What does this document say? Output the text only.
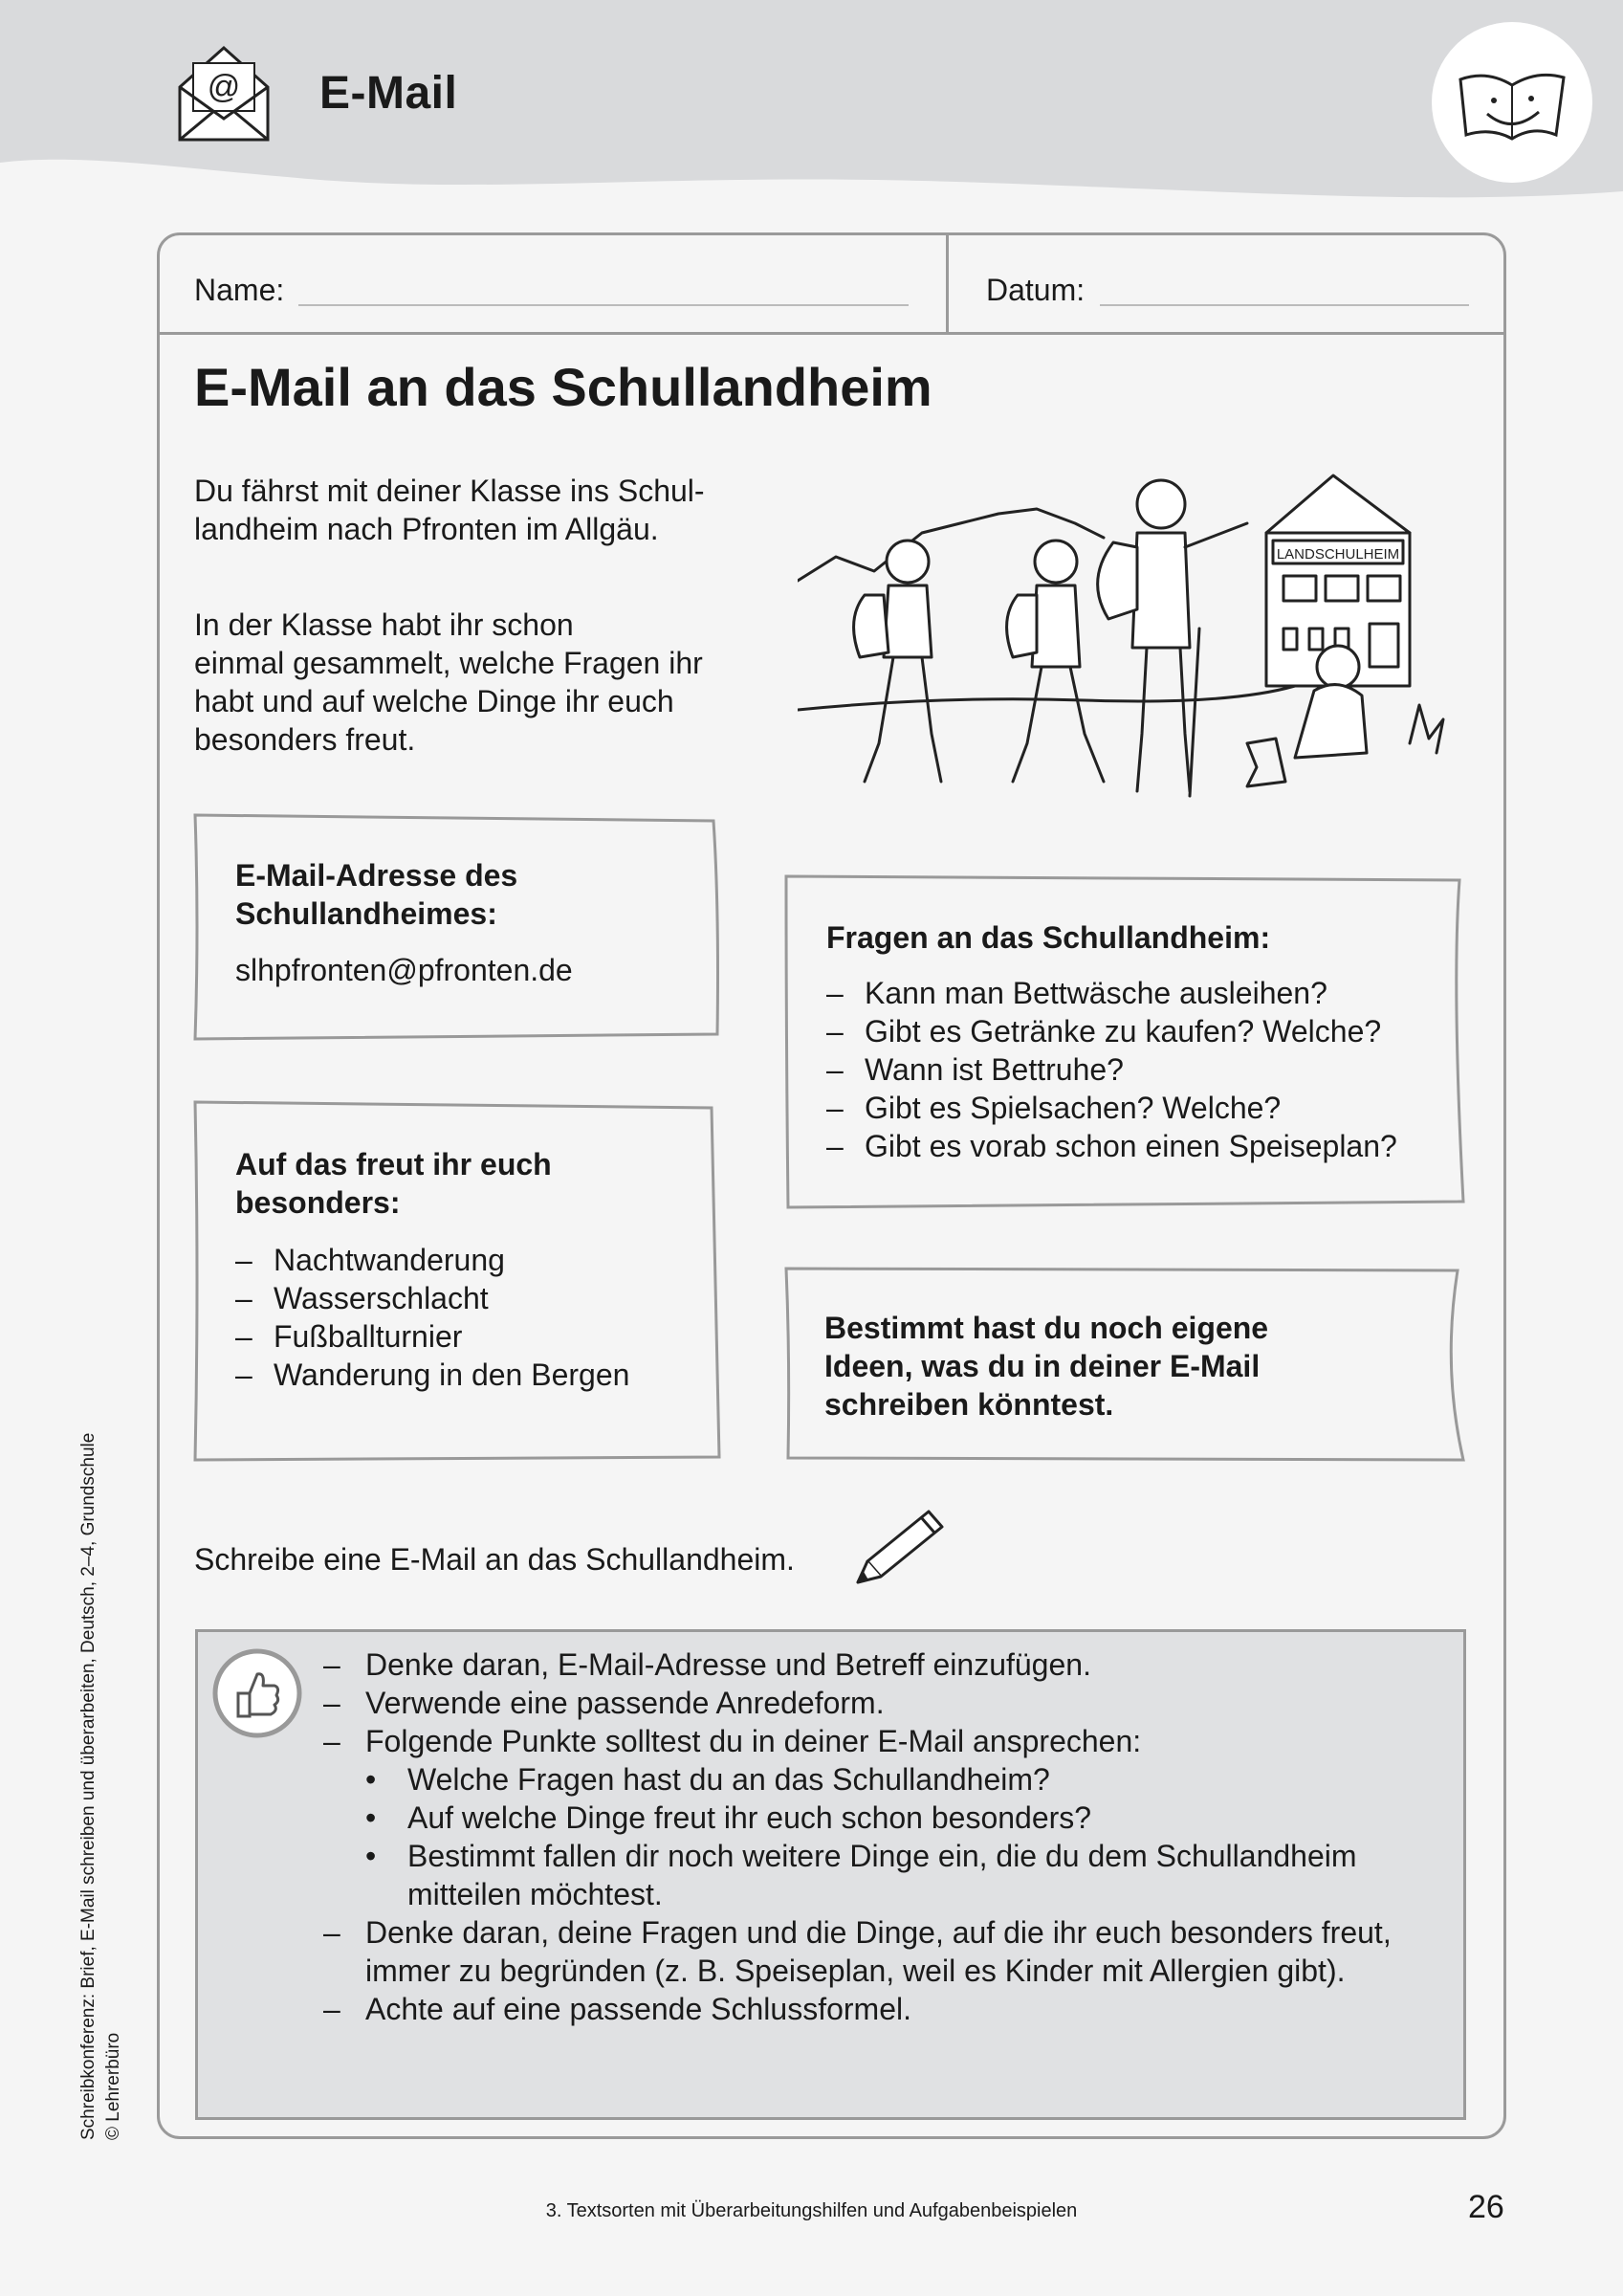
@ E-Mail
Name:	Datum:
E-Mail an das Schullandheim
Du fährst mit deiner Klasse ins Schul-
landheim nach Pfronten im Allgäu.
In der Klasse habt ihr schon
einmal gesammelt, welche Fragen ihr
habt und auf welche Dinge ihr euch
besonders freut.
LANDSCHULHEIM
E-Mail-Adresse des
Schullandheimes:
slhpfronten@pfronten.de
Auf das freut ihr euch
besonders:
– Nachtwanderung
– Wasserschlacht
– Fußballturnier
– Wanderung in den Bergen
Fragen an das Schullandheim:
– Kann man Bettwäsche ausleihen?
– Gibt es Getränke zu kaufen? Welche?
– Wann ist Bettruhe?
– Gibt es Spielsachen? Welche?
– Gibt es vorab schon einen Speiseplan?
Bestimmt hast du noch eigene
Ideen, was du in deiner E-Mail
schreiben könntest.
Schreibe eine E-Mail an das Schullandheim.
– Denke daran, E-Mail-Adresse und Betreff einzufügen.
– Verwende eine passende Anredeform.
– Folgende Punkte solltest du in deiner E-Mail ansprechen:
• Welche Fragen hast du an das Schullandheim?
• Auf welche Dinge freut ihr euch schon besonders?
• Bestimmt fallen dir noch weitere Dinge ein, die du dem Schullandheim mitteilen möchtest.
– Denke daran, deine Fragen und die Dinge, auf die ihr euch besonders freut, immer zu begründen (z. B. Speiseplan, weil es Kinder mit Allergien gibt).
– Achte auf eine passende Schlussformel.
Schreibkonferenz: Brief, E-Mail schreiben und überarbeiten, Deutsch, 2–4, Grundschule © Lehrerbüro
3. Textsorten mit Überarbeitungshilfen und Aufgabenbeispielen	26
